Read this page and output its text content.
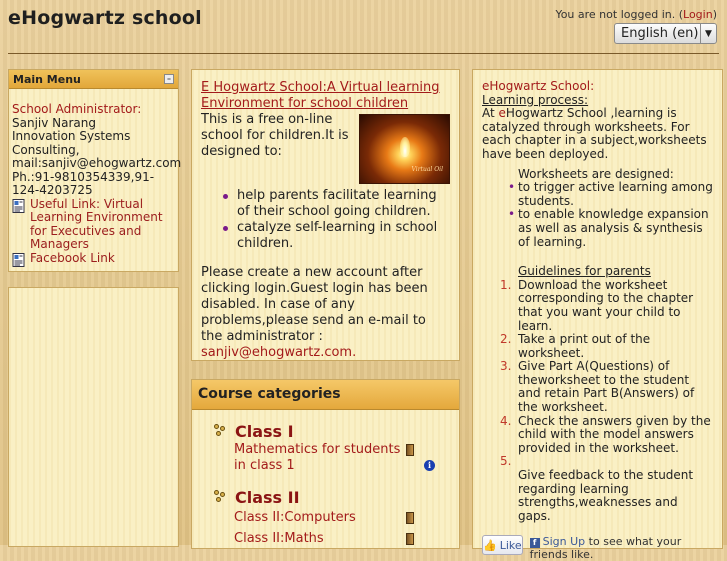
eHogwartz school	You are not logged in. (Login)
English (en) ▼
Main Menu	–
School Administrator:
Sanjiv Narang
Innovation Systems
Consulting,
mail:sanjiv@ehogwartz.com
Ph.:91-9810354339,91-
124-4203725
Useful Link: Virtual Learning Environment for Executives and Managers
Facebook Link
E Hogwartz School:A Virtual learning Environment for school children
Virtual Oil
This is a free on-line school for children.It is designed to:
help parents facilitate learning of their school going children.
catalyze self-learning in school children.
Please create a new account after clicking login.Guest login has been disabled. In case of any problems,please send an e-mail to the administrator : sanjiv@ehogwartz.com.
Course categories
Class I
Mathematics for students in class 1	i
Class II
Class II:Computers
Class II:Maths
eHogwartz School:
Learning process:
At eHogwartz School ,learning is catalyzed through worksheets. For each chapter in a subject,worksheets have been deployed.
Worksheets are designed:
• to trigger active learning among students.
• to enable knowledge expansion as well as analysis & synthesis of learning.
Guidelines for parents
1. Download the worksheet corresponding to the chapter that you want your child to learn.
2. Take a print out of the worksheet.
3. Give Part A(Questions) of theworksheet to the student and retain Part B(Answers) of the worksheet.
4. Check the answers given by the child with the model answers provided in the worksheet.
5.

Give feedback to the student regarding learning strengths,weaknesses and gaps.
👍 Like	f Sign Up to see what your friends like.
